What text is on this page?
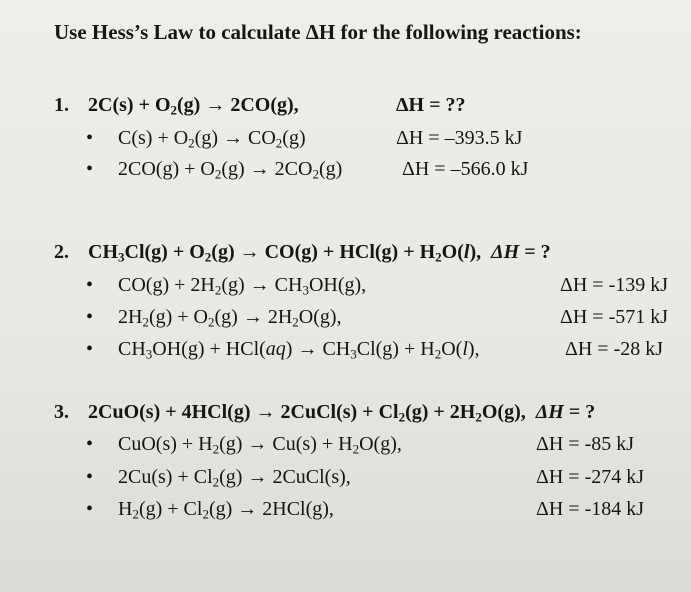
Use Hess’s Law to calculate ΔH for the following reactions:
1. $2C(s) + O_2(g) \to 2CO(g)$,	ΔH = ??
• $C(s) + O_2(g) \to CO_2(g)$	ΔH = –393.5 kJ
• $2CO(g) + O_2(g) \to 2CO_2(g)$	ΔH = –566.0 kJ
2. $CH_3Cl(g) + O_2(g) \to CO(g) + HCl(g) + H_2O(l)$,  ΔH = ?
• $CO(g) + 2H_2(g) \to CH_3OH(g)$,	ΔH = -139 kJ
• $2H_2(g) + O_2(g) \to 2H_2O(g)$,	ΔH = -571 kJ
• $CH_3OH(g) + HCl(aq) \to CH_3Cl(g) + H_2O(l)$,	ΔH = -28 kJ
3. 2CuO(s) + 4HCl(g) → 2CuCl(s) + $Cl_2(g) + 2H_2O(g)$,  ΔH = ?
• $CuO(s) + H_2(g) \to Cu(s) + H_2O(g)$,	ΔH = -85 kJ
• $2Cu(s) + Cl_2(g)$ → 2CuCl(s),	ΔH = -274 kJ
• $H_2(g) + Cl_2(g) \to 2HCl(g)$,	ΔH = -184 kJ
